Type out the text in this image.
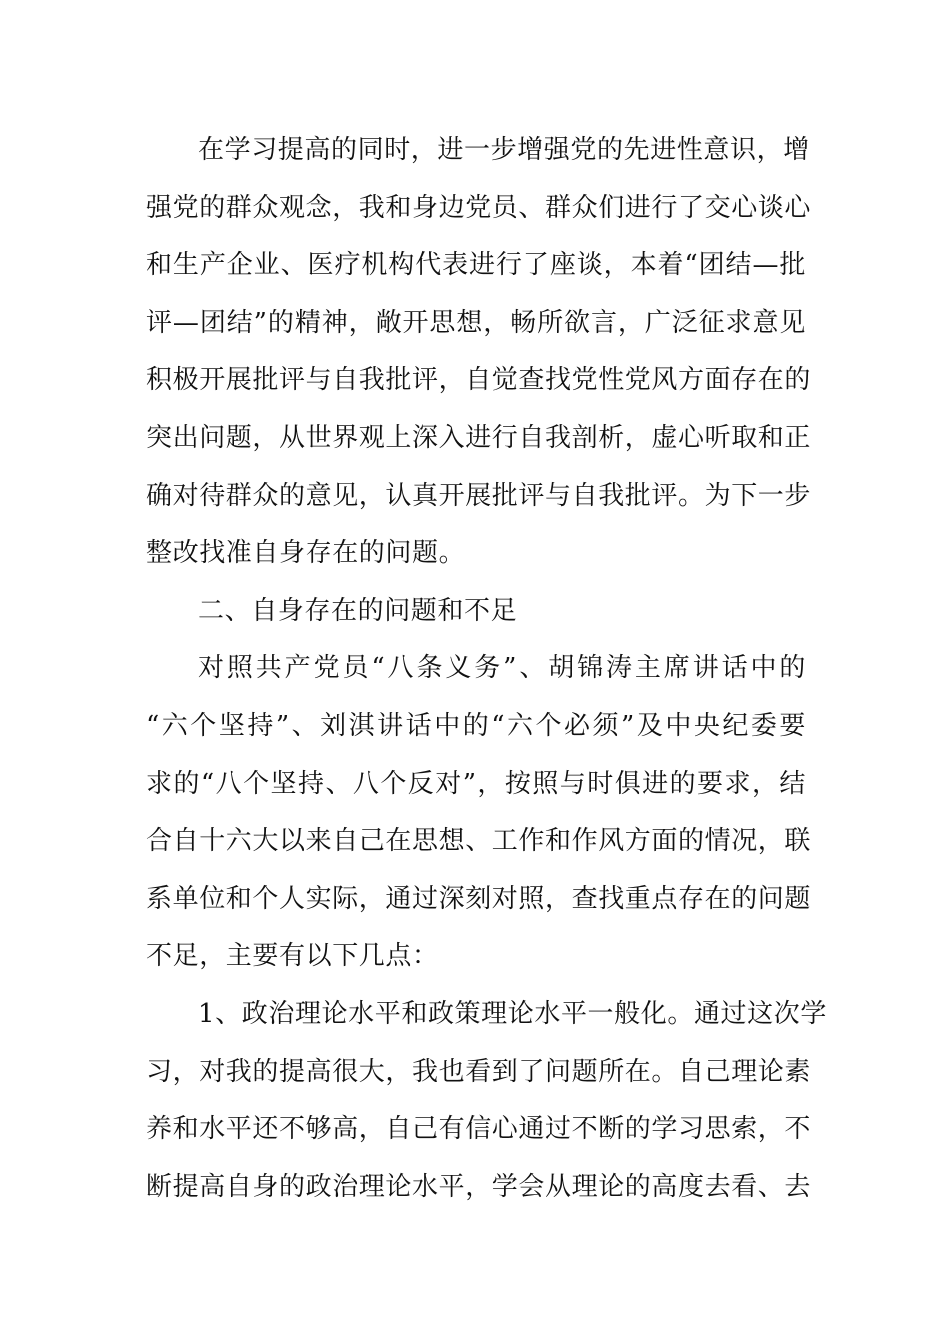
在学习提高的同时，进一步增强党的先进性意识，增
强党的群众观念，我和身边党员、群众们进行了交心谈心
和生产企业、医疗机构代表进行了座谈，本着“团结—批
评—团结”的精神，敞开思想，畅所欲言，广泛征求意见
积极开展批评与自我批评，自觉查找党性党风方面存在的
突出问题，从世界观上深入进行自我剖析，虚心听取和正
确对待群众的意见，认真开展批评与自我批评。为下一步
整改找准自身存在的问题。
二、自身存在的问题和不足
对照共产党员“八条义务”、胡锦涛主席讲话中的
“六个坚持”、刘淇讲话中的“六个必须”及中央纪委要
求的“八个坚持、八个反对”，按照与时俱进的要求，结
合自十六大以来自己在思想、工作和作风方面的情况，联
系单位和个人实际，通过深刻对照，查找重点存在的问题
不足，主要有以下几点：
1、政治理论水平和政策理论水平一般化。通过这次学
习，对我的提高很大，我也看到了问题所在。自己理论素
养和水平还不够高，自己有信心通过不断的学习思索，不
断提高自身的政治理论水平，学会从理论的高度去看、去
